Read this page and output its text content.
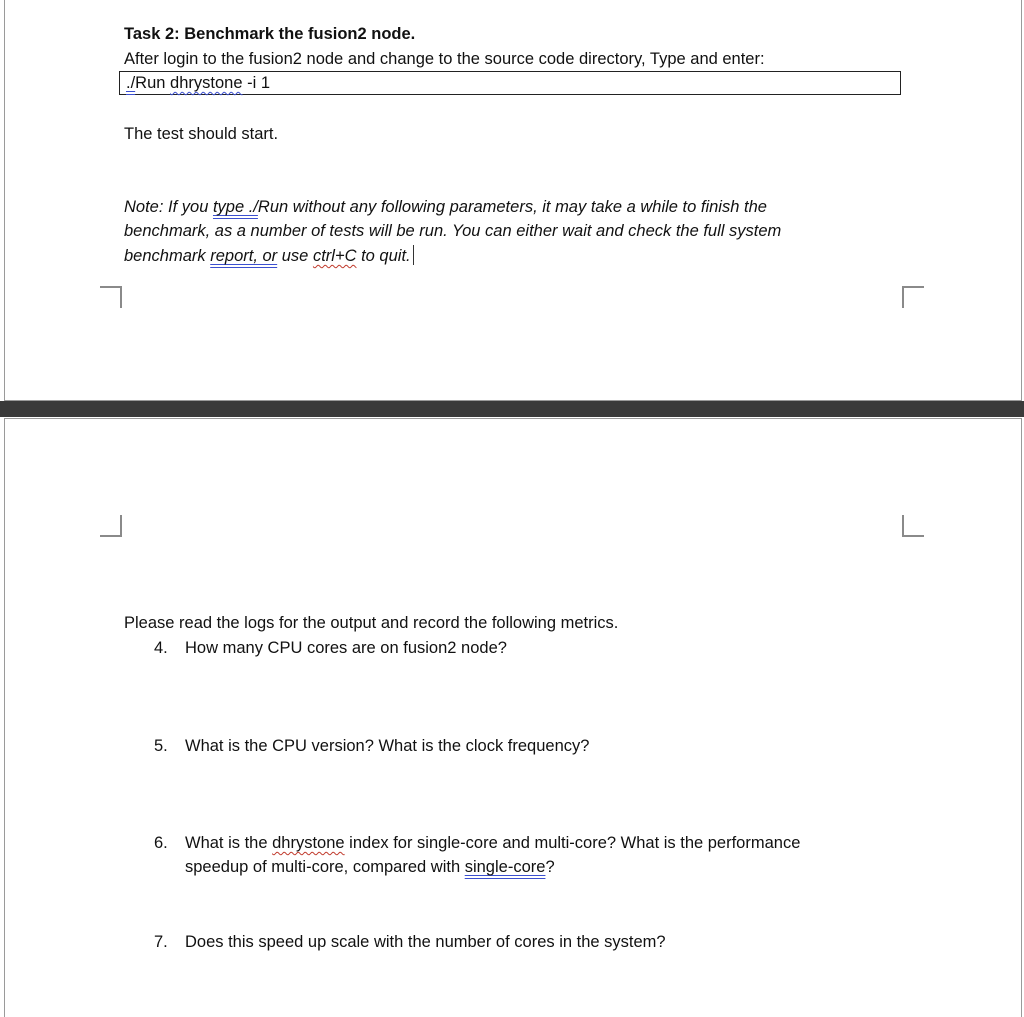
Task 2: Benchmark the fusion2 node.
After login to the fusion2 node and change to the source code directory, Type and enter:
./Run dhrystone -i 1
The test should start.
Note: If you type ./Run without any following parameters, it may take a while to finish the
benchmark, as a number of tests will be run. You can either wait and check the full system
benchmark report, or use ctrl+C to quit.
Please read the logs for the output and record the following metrics.
4. How many CPU cores are on fusion2 node?
5. What is the CPU version? What is the clock frequency?
6. What is the dhrystone index for single-core and multi-core? What is the performance
speedup of multi-core, compared with single-core?
7. Does this speed up scale with the number of cores in the system?
